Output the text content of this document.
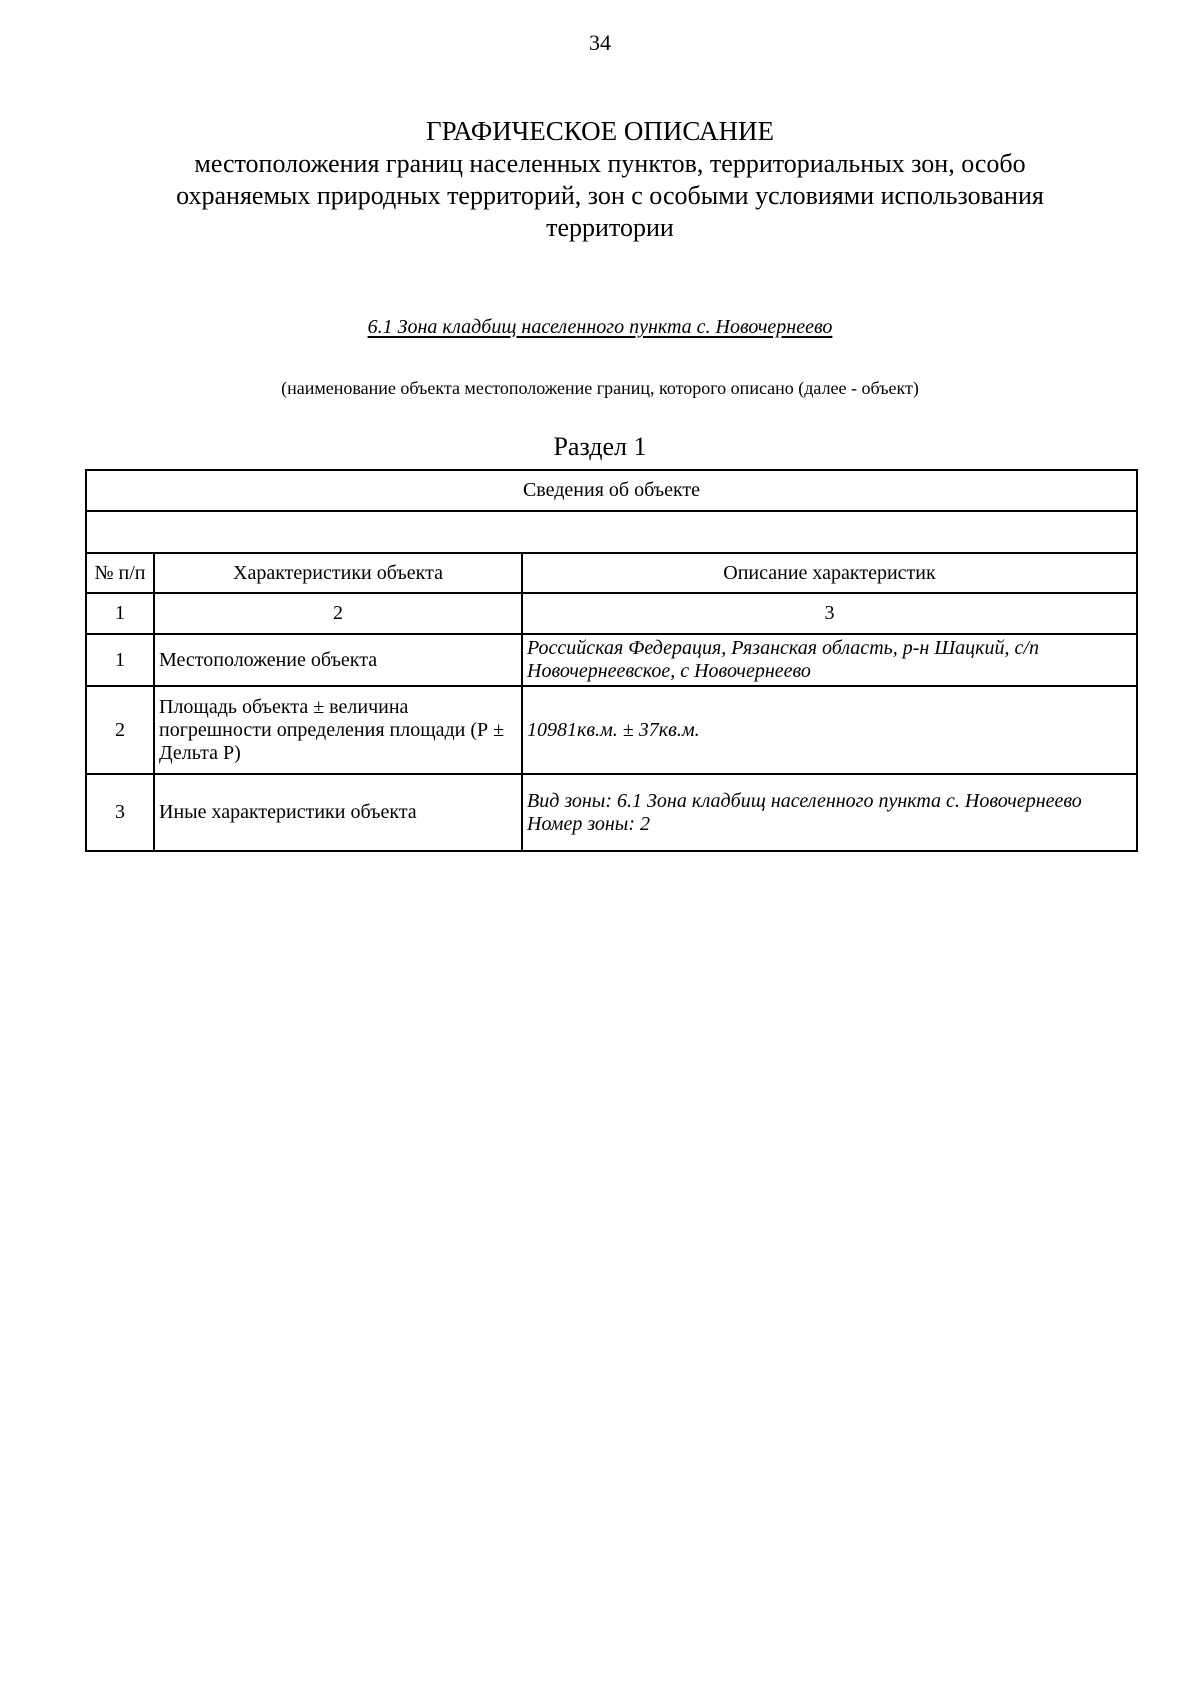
34
ГРАФИЧЕСКОЕ ОПИСАНИЕ
местоположения границ населенных пунктов, территориальных зон, особо охраняемых природных территорий, зон с особыми условиями использования территории
6.1 Зона кладбищ населенного пункта с. Новочернеево
(наименование объекта местоположение границ, которого описано (далее - объект)
Раздел 1
Сведения об объекте		

№ п/п	Характеристики объекта	Описание характеристик
1	2	3
1	Местоположение объекта	Российская Федерация, Рязанская область, р-н Шацкий, с/п Новочернеевское, с Новочернеево

2	Площадь объекта ± величина погрешности определения площади (Р ± Дельта Р)	10981кв.м. ± 37кв.м.

3	Иные характеристики объекта	Вид зоны: 6.1 Зона кладбищ населенного пункта с. Новочернеево
Номер зоны: 2
